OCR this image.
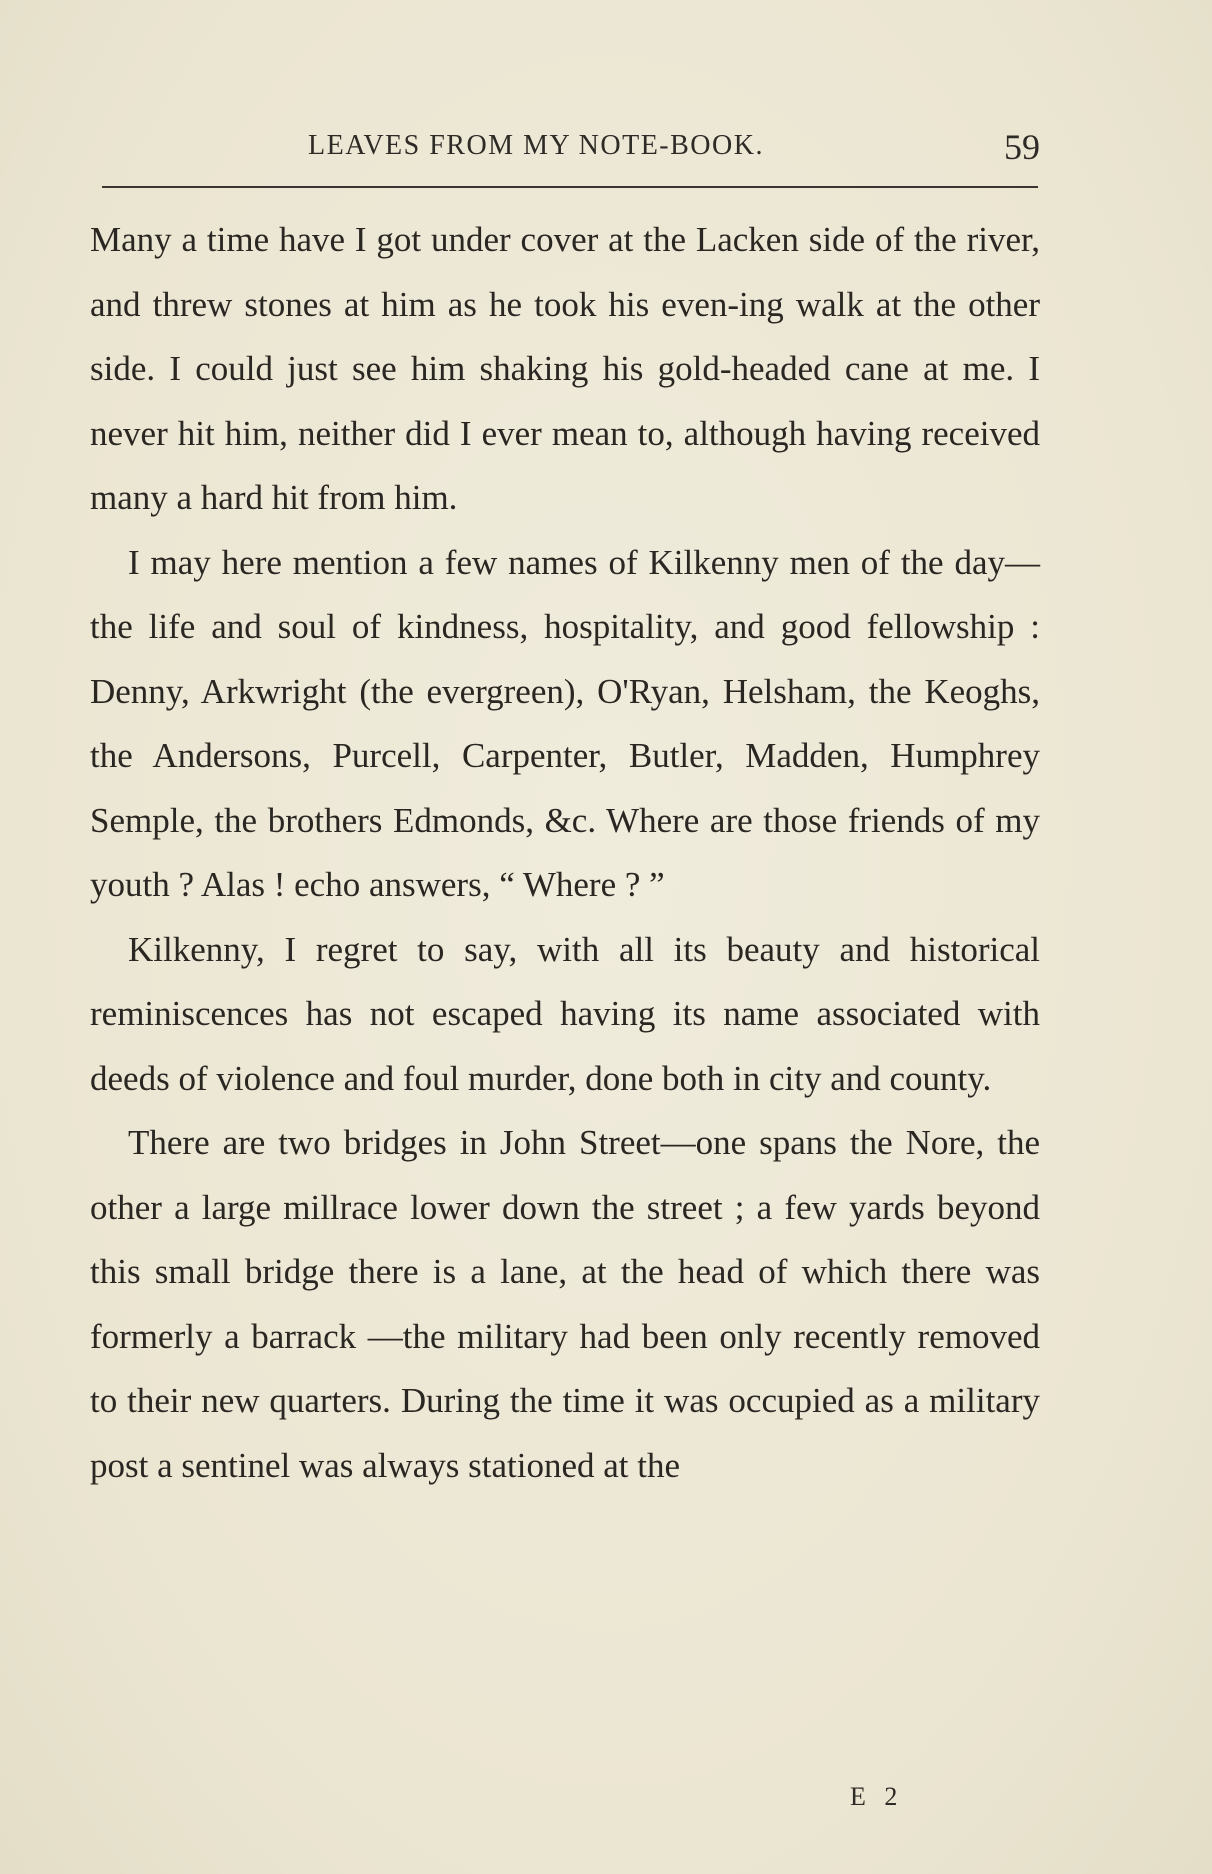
LEAVES FROM MY NOTE-BOOK.	59

Many a time have I got under cover at the Lacken side of the river, and threw stones at him as he took his even-ing walk at the other side. I could just see him shaking his gold-headed cane at me. I never hit him, neither did I ever mean to, although having received many a hard hit from him.

I may here mention a few names of Kilkenny men of the day—the life and soul of kindness, hospitality, and good fellowship : Denny, Arkwright (the evergreen), O'Ryan, Helsham, the Keoghs, the Andersons, Purcell, Carpenter, Butler, Madden, Humphrey Semple, the brothers Edmonds, &c. Where are those friends of my youth ? Alas ! echo answers, “ Where ? ”

Kilkenny, I regret to say, with all its beauty and historical reminiscences has not escaped having its name associated with deeds of violence and foul murder, done both in city and county.

There are two bridges in John Street—one spans the Nore, the other a large millrace lower down the street ; a few yards beyond this small bridge there is a lane, at the head of which there was formerly a barrack —the military had been only recently removed to their new quarters. During the time it was occupied as a military post a sentinel was always stationed at the

E 2
